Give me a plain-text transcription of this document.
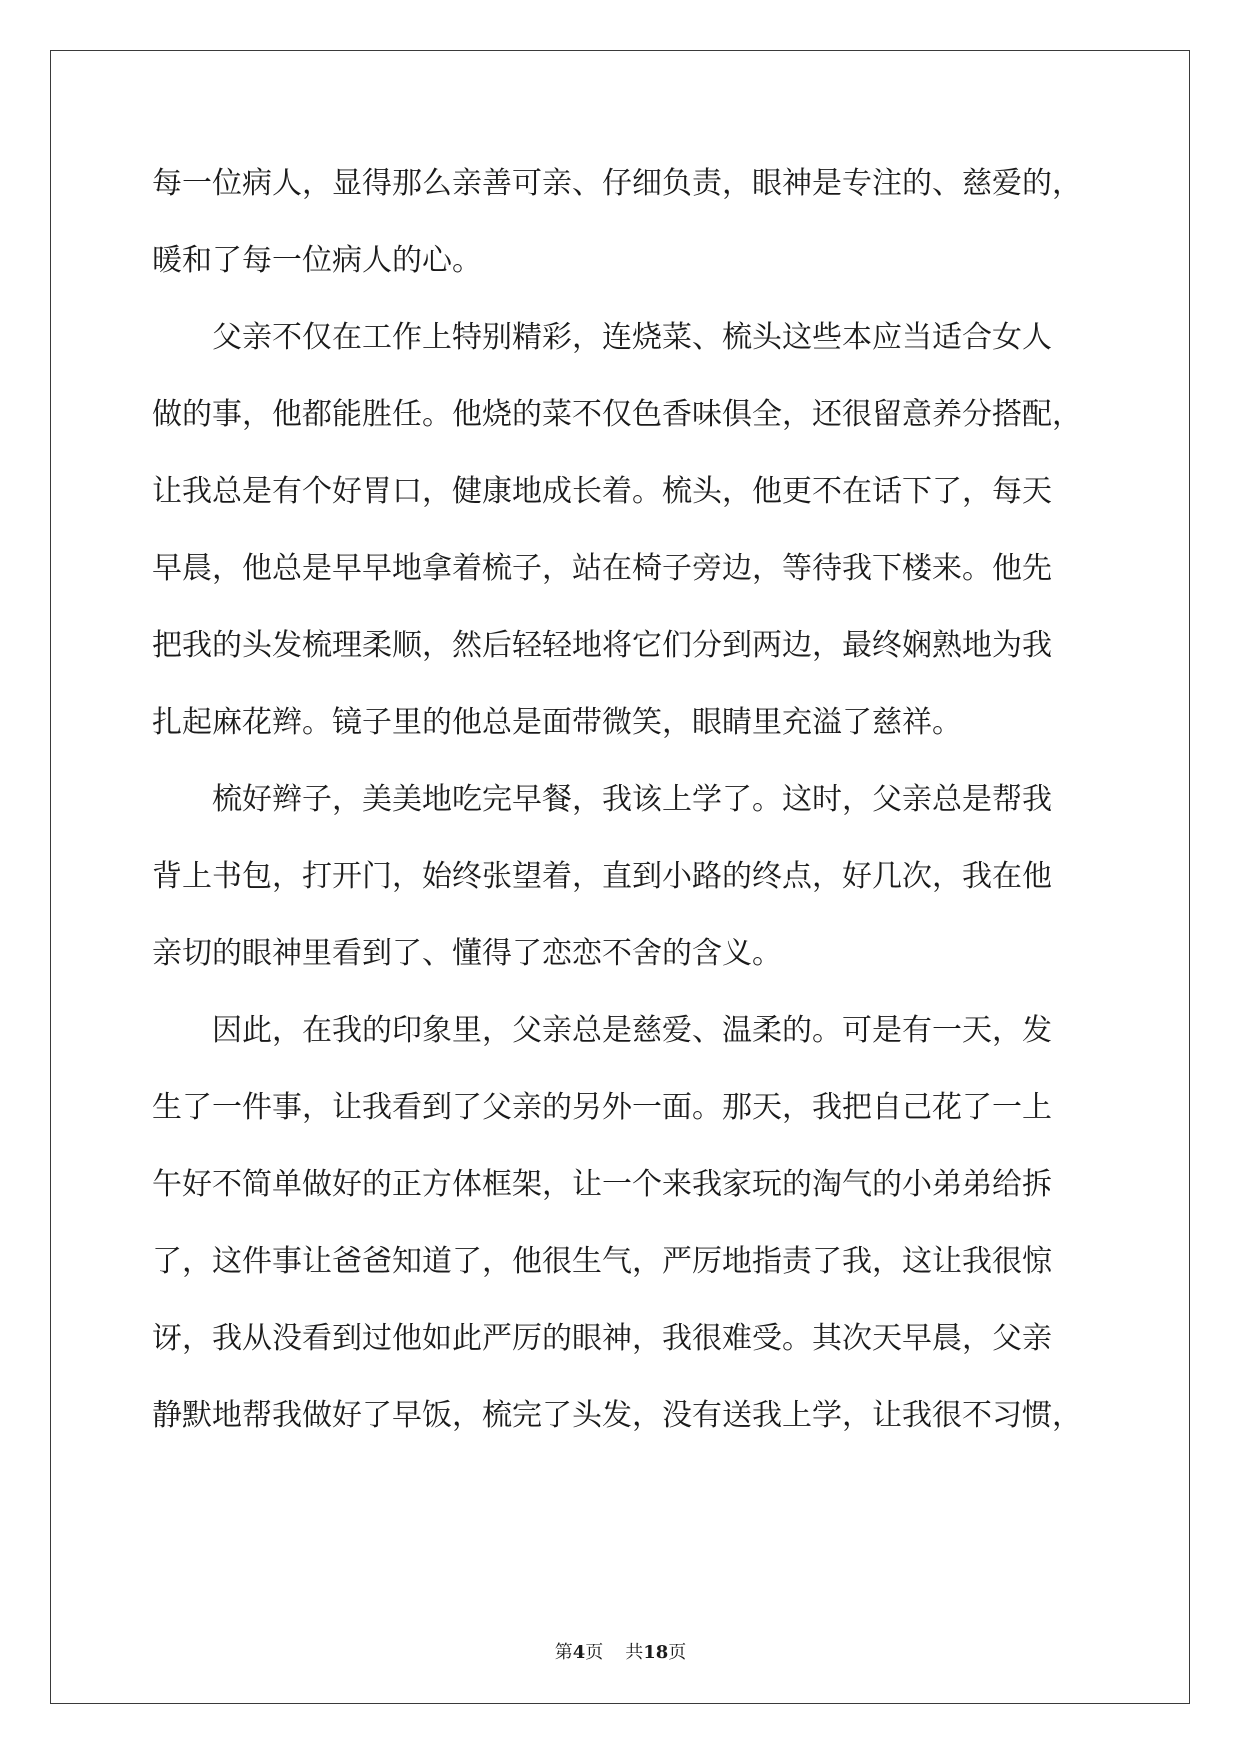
每一位病人，显得那么亲善可亲、仔细负责，眼神是专注的、慈爱的，
暖和了每一位病人的心。
　　父亲不仅在工作上特别精彩，连烧菜、梳头这些本应当适合女人
做的事，他都能胜任。他烧的菜不仅色香味俱全，还很留意养分搭配，
让我总是有个好胃口，健康地成长着。梳头，他更不在话下了，每天
早晨，他总是早早地拿着梳子，站在椅子旁边，等待我下楼来。他先
把我的头发梳理柔顺，然后轻轻地将它们分到两边，最终娴熟地为我
扎起麻花辫。镜子里的他总是面带微笑，眼睛里充溢了慈祥。
　　梳好辫子，美美地吃完早餐，我该上学了。这时，父亲总是帮我
背上书包，打开门，始终张望着，直到小路的终点，好几次，我在他
亲切的眼神里看到了、懂得了恋恋不舍的含义。
　　因此，在我的印象里，父亲总是慈爱、温柔的。可是有一天，发
生了一件事，让我看到了父亲的另外一面。那天，我把自己花了一上
午好不简单做好的正方体框架，让一个来我家玩的淘气的小弟弟给拆
了，这件事让爸爸知道了，他很生气，严厉地指责了我，这让我很惊
讶，我从没看到过他如此严厉的眼神，我很难受。其次天早晨，父亲
静默地帮我做好了早饭，梳完了头发，没有送我上学，让我很不习惯，
第4页 共18页
